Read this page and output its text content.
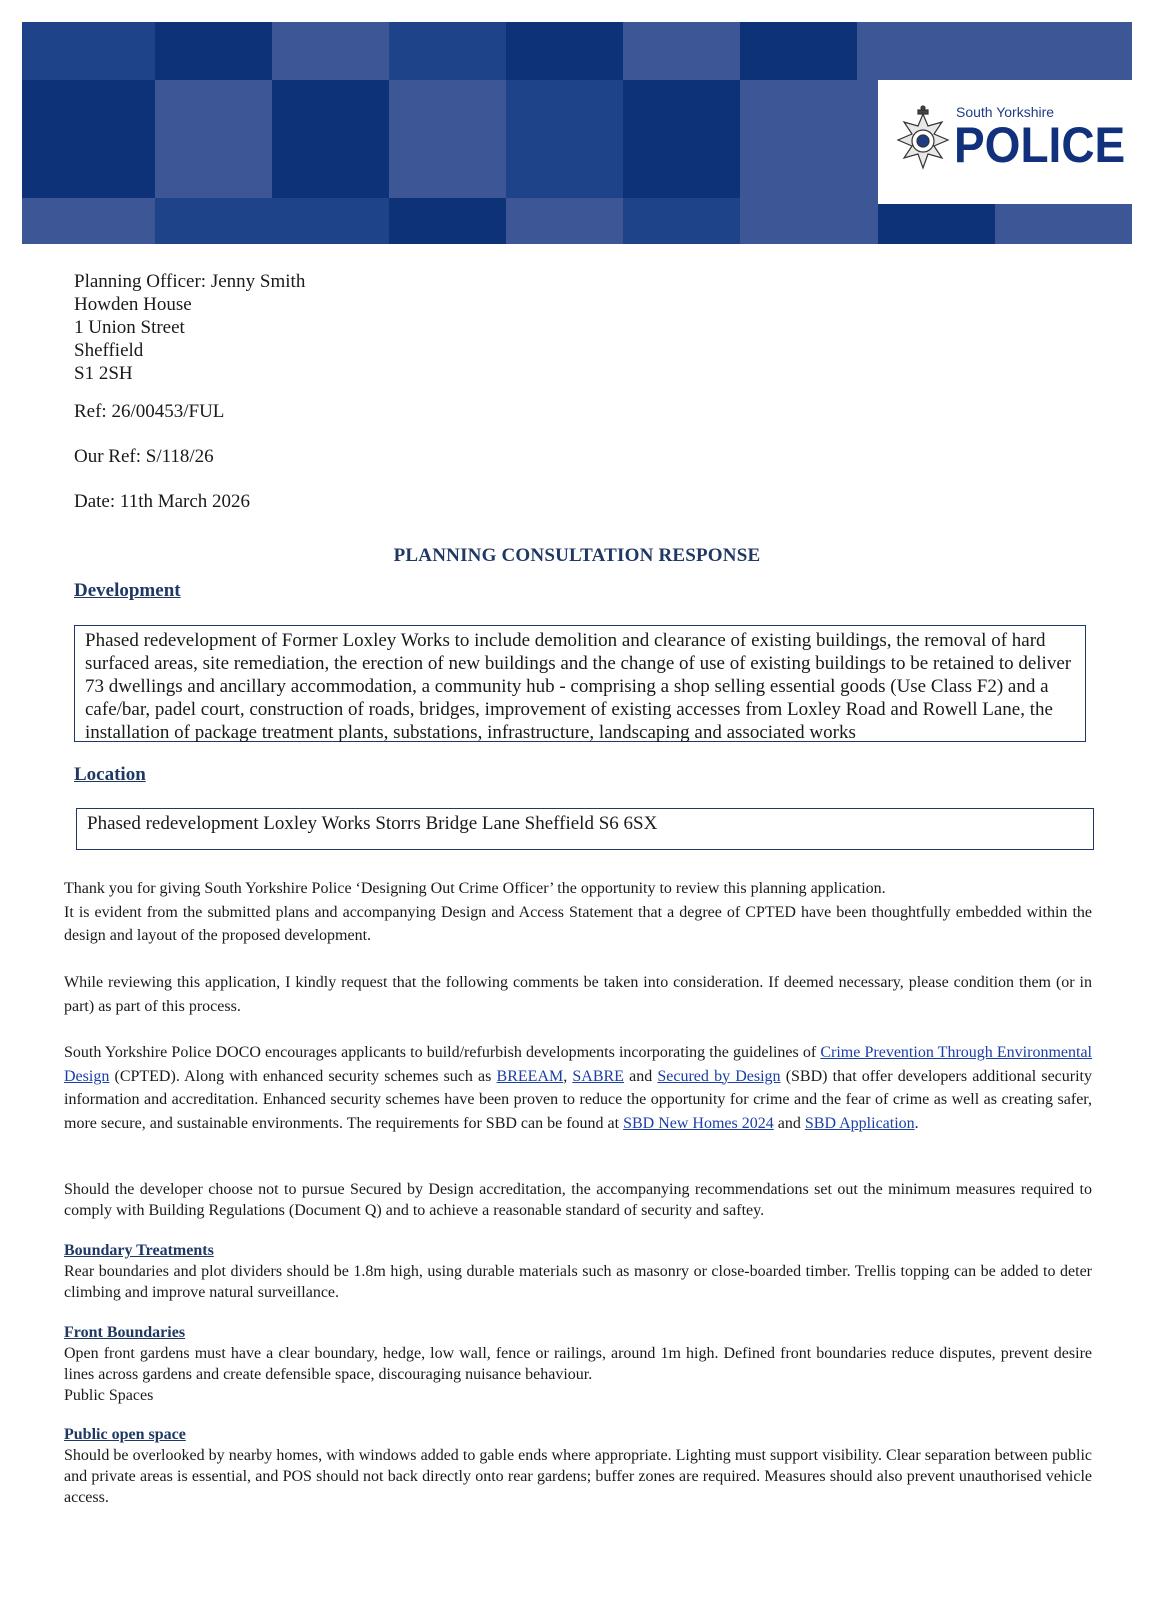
South Yorkshire
POLICE
Planning Officer: Jenny Smith
Howden House
1 Union Street
Sheffield
S1 2SH
Ref: 26/00453/FUL
Our Ref: S/118/26
Date: 11th March 2026
PLANNING CONSULTATION RESPONSE
Development
Phased redevelopment of Former Loxley Works to include demolition and clearance of existing buildings, the removal of hard surfaced areas, site remediation, the erection of new buildings and the change of use of existing buildings to be retained to deliver 73 dwellings and ancillary accommodation, a community hub - comprising a shop selling essential goods (Use Class F2) and a cafe/bar, padel court, construction of roads, bridges, improvement of existing accesses from Loxley Road and Rowell Lane, the installation of package treatment plants, substations, infrastructure, landscaping and associated works
Location
Phased redevelopment Loxley Works Storrs Bridge Lane Sheffield S6 6SX
Thank you for giving South Yorkshire Police ‘Designing Out Crime Officer’ the opportunity to review this planning application.
It is evident from the submitted plans and accompanying Design and Access Statement that a degree of CPTED have been thoughtfully embedded within the design and layout of the proposed development.
While reviewing this application, I kindly request that the following comments be taken into consideration. If deemed necessary, please condition them (or in part) as part of this process.
South Yorkshire Police DOCO encourages applicants to build/refurbish developments incorporating the guidelines of Crime Prevention Through Environmental Design (CPTED). Along with enhanced security schemes such as BREEAM, SABRE and Secured by Design (SBD) that offer developers additional security information and accreditation. Enhanced security schemes have been proven to reduce the opportunity for crime and the fear of crime as well as creating safer, more secure, and sustainable environments. The requirements for SBD can be found at SBD New Homes 2024 and SBD Application.
Should the developer choose not to pursue Secured by Design accreditation, the accompanying recommendations set out the minimum measures required to comply with Building Regulations (Document Q) and to achieve a reasonable standard of security and saftey.
Boundary Treatments
Rear boundaries and plot dividers should be 1.8m high, using durable materials such as masonry or close-boarded timber. Trellis topping can be added to deter climbing and improve natural surveillance.
Front Boundaries
Open front gardens must have a clear boundary, hedge, low wall, fence or railings, around 1m high. Defined front boundaries reduce disputes, prevent desire lines across gardens and create defensible space, discouraging nuisance behaviour.
Public Spaces
Public open space
Should be overlooked by nearby homes, with windows added to gable ends where appropriate. Lighting must support visibility. Clear separation between public and private areas is essential, and POS should not back directly onto rear gardens; buffer zones are required. Measures should also prevent unauthorised vehicle access.
